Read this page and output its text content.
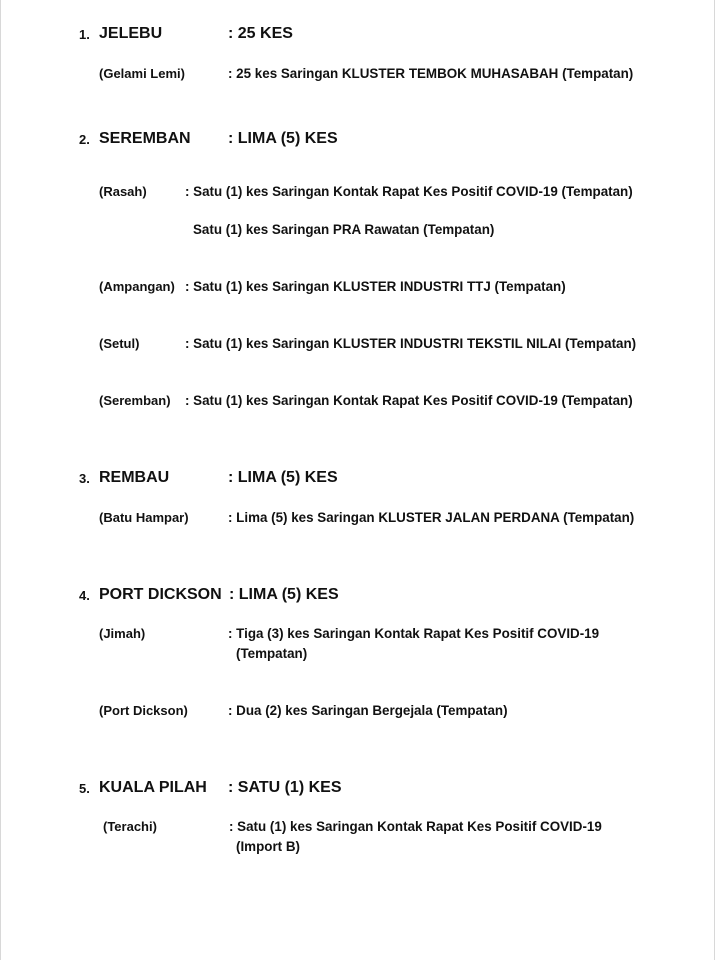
1. JELEBU	: 25 KES
(Gelami Lemi)	: 25 kes Saringan KLUSTER TEMBOK MUHASABAH (Tempatan)
2. SEREMBAN : LIMA (5) KES
(Rasah)	: Satu (1) kes Saringan Kontak Rapat Kes Positif COVID-19 (Tempatan)
Satu (1) kes Saringan PRA Rawatan (Tempatan)
(Ampangan) : Satu (1) kes Saringan KLUSTER INDUSTRI TTJ (Tempatan)
(Setul)	: Satu (1) kes Saringan KLUSTER INDUSTRI TEKSTIL NILAI (Tempatan)
(Seremban) : Satu (1) kes Saringan Kontak Rapat Kes Positif COVID-19 (Tempatan)
3. REMBAU	: LIMA (5) KES
(Batu Hampar)	: Lima (5) kes Saringan KLUSTER JALAN PERDANA (Tempatan)
4. PORT DICKSON : LIMA (5) KES
(Jimah)	: Tiga (3) kes Saringan Kontak Rapat Kes Positif COVID-19
(Tempatan)
(Port Dickson)	: Dua (2) kes Saringan Bergejala (Tempatan)
5. KUALA PILAH : SATU (1) KES
(Terachi)	: Satu (1) kes Saringan Kontak Rapat Kes Positif COVID-19
(Import B)
